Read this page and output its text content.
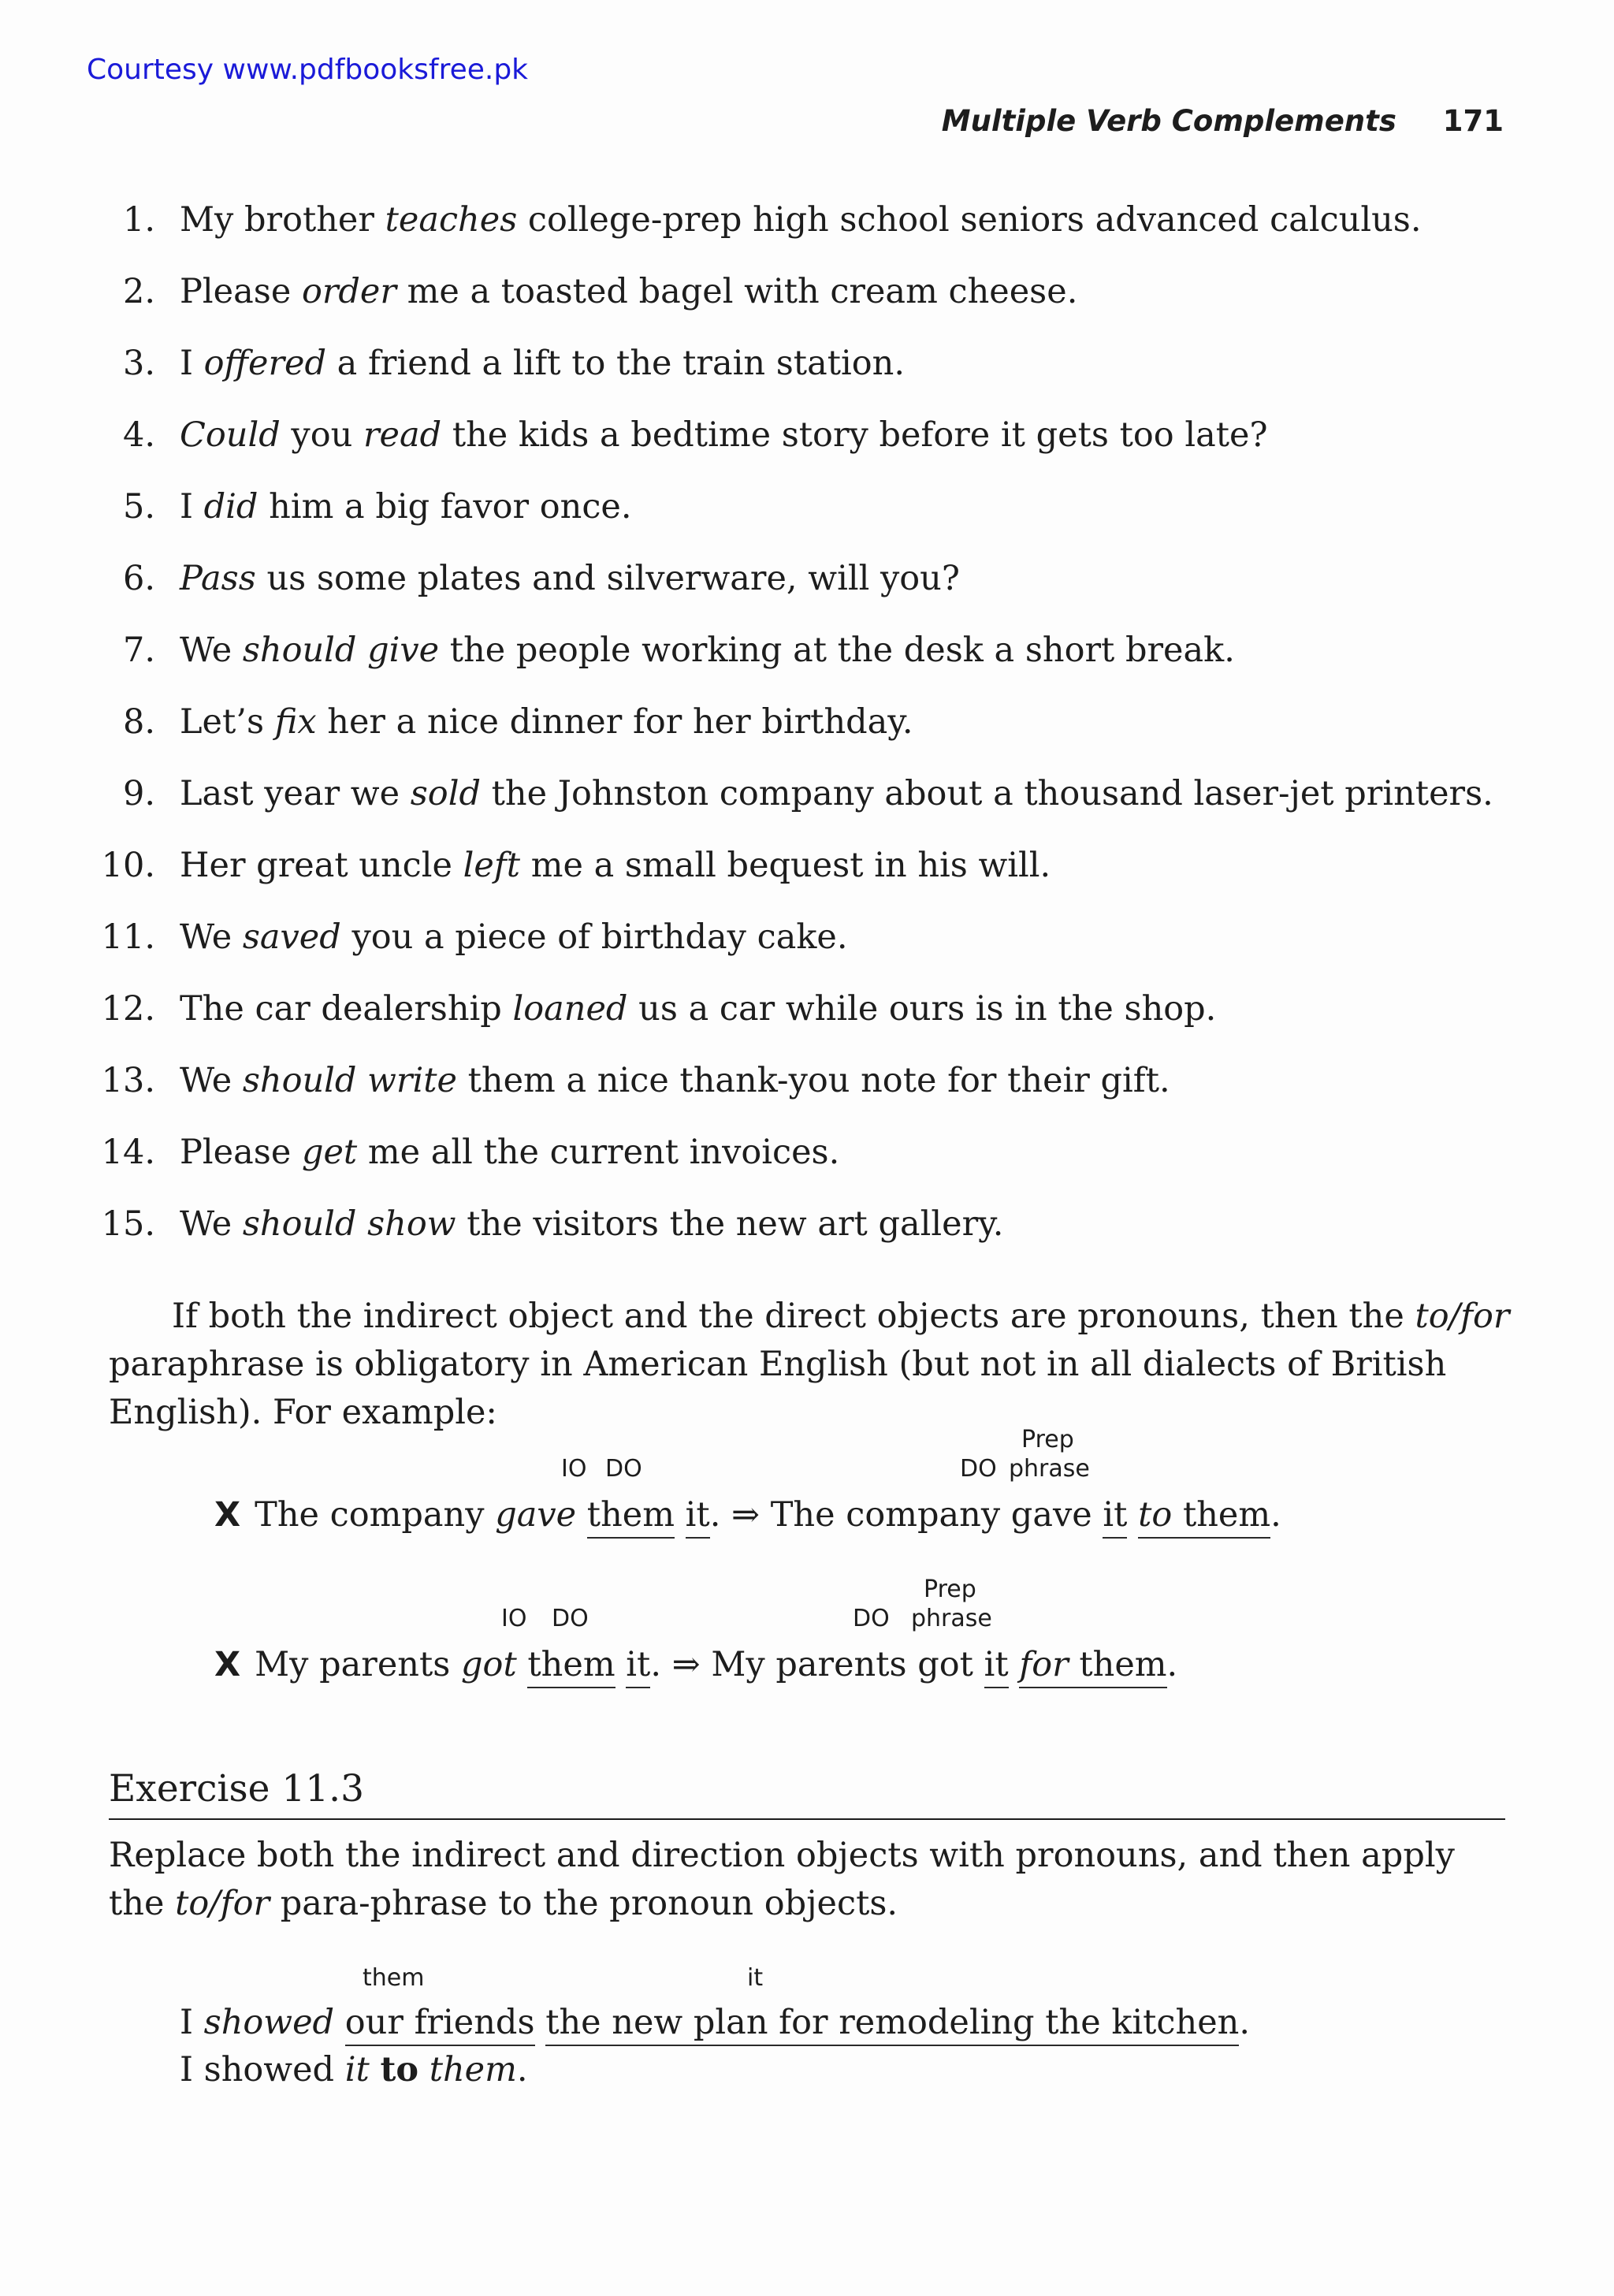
Courtesy www.pdfbooksfree.pk
Multiple Verb Complements 171
1. My brother teaches college-prep high school seniors advanced calculus.
2. Please order me a toasted bagel with cream cheese.
3. I offered a friend a lift to the train station.
4. Could you read the kids a bedtime story before it gets too late?
5. I did him a big favor once.
6. Pass us some plates and silverware, will you?
7. We should give the people working at the desk a short break.
8. Let’s fix her a nice dinner for her birthday.
9. Last year we sold the Johnston company about a thousand laser-jet printers.
10. Her great uncle left me a small bequest in his will.
11. We saved you a piece of birthday cake.
12. The car dealership loaned us a car while ours is in the shop.
13. We should write them a nice thank-you note for their gift.
14. Please get me all the current invoices.
15. We should show the visitors the new art gallery.

If both the indirect object and the direct objects are pronouns, then the to/for paraphrase is obligatory in American English (but not in all dialects of British English). For example:

IO DO	DO
Prep
phrase
X The company gave them it. ⇒ The company gave it to them.
IO DO	DO
Prep
phrase
X My parents got them it. ⇒ My parents got it for them.
Exercise 11.3

Replace both the indirect and direction objects with pronouns, and then apply the to/for para-phrase to the pronoun objects.

them	it
I showed our friends the new plan for remodeling the kitchen.
I showed it to them.
